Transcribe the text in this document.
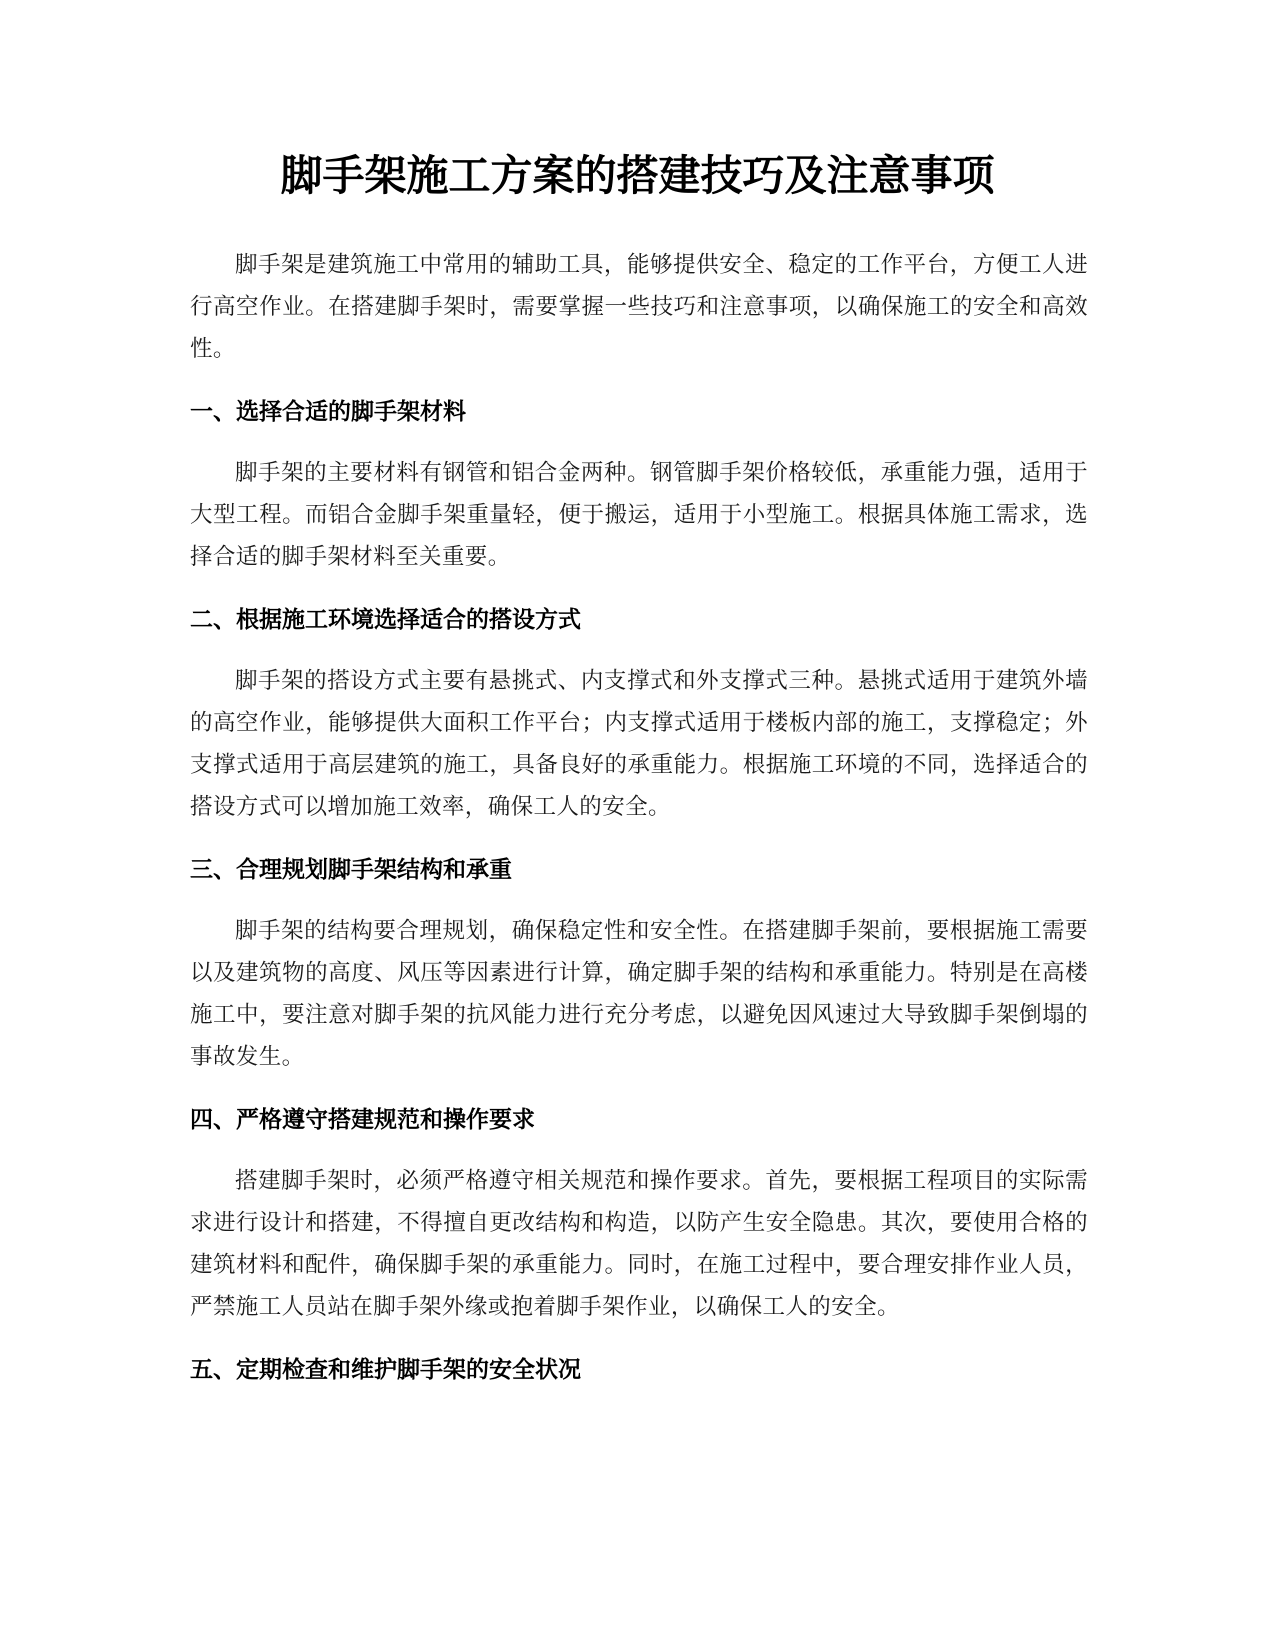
脚手架施工方案的搭建技巧及注意事项

脚手架是建筑施工中常用的辅助工具，能够提供安全、稳定的工作平台，方便工人进行高空作业。在搭建脚手架时，需要掌握一些技巧和注意事项，以确保施工的安全和高效性。

一、选择合适的脚手架材料

脚手架的主要材料有钢管和铝合金两种。钢管脚手架价格较低，承重能力强，适用于大型工程。而铝合金脚手架重量轻，便于搬运，适用于小型施工。根据具体施工需求，选择合适的脚手架材料至关重要。

二、根据施工环境选择适合的搭设方式

脚手架的搭设方式主要有悬挑式、内支撑式和外支撑式三种。悬挑式适用于建筑外墙的高空作业，能够提供大面积工作平台；内支撑式适用于楼板内部的施工，支撑稳定；外支撑式适用于高层建筑的施工，具备良好的承重能力。根据施工环境的不同，选择适合的搭设方式可以增加施工效率，确保工人的安全。

三、合理规划脚手架结构和承重

脚手架的结构要合理规划，确保稳定性和安全性。在搭建脚手架前，要根据施工需要以及建筑物的高度、风压等因素进行计算，确定脚手架的结构和承重能力。特别是在高楼施工中，要注意对脚手架的抗风能力进行充分考虑，以避免因风速过大导致脚手架倒塌的事故发生。

四、严格遵守搭建规范和操作要求

搭建脚手架时，必须严格遵守相关规范和操作要求。首先，要根据工程项目的实际需求进行设计和搭建，不得擅自更改结构和构造，以防产生安全隐患。其次，要使用合格的建筑材料和配件，确保脚手架的承重能力。同时，在施工过程中，要合理安排作业人员，严禁施工人员站在脚手架外缘或抱着脚手架作业，以确保工人的安全。

五、定期检查和维护脚手架的安全状况
